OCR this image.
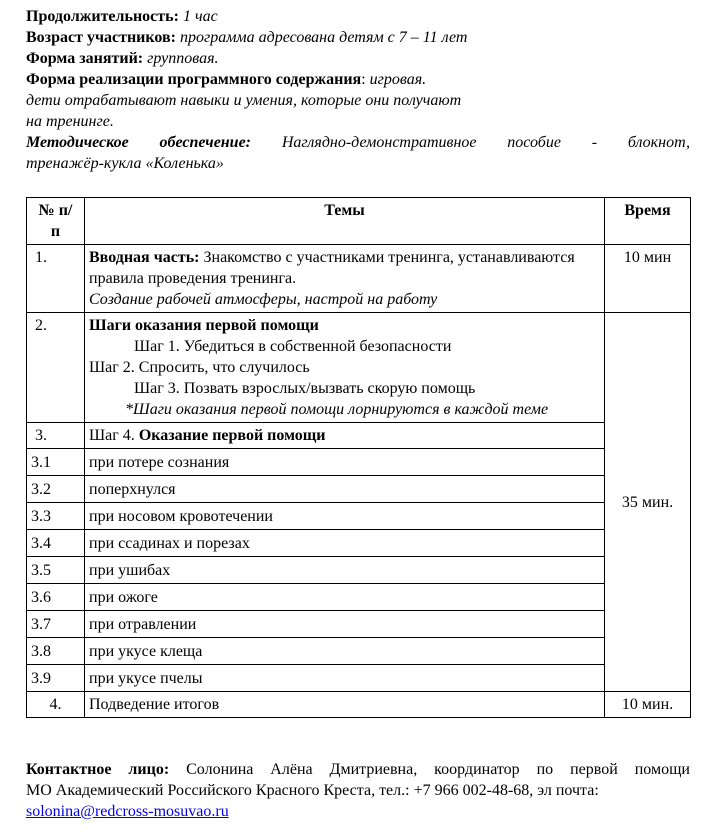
Продолжительность: 1 час

Возраст участников: программа адресована детям с 7 – 11 лет

Форма занятий: групповая.

Форма реализации программного содержания: игровая.

дети отрабатывают навыки и умения, которые они получают

на тренинге.

Методическое обеспечение: Наглядно-демонстративное пособие - блокнот,

тренажёр-кукла «Коленька»

№ п/п	Темы	Время
1.	Вводная часть: Знакомство с участниками тренинга, устанавливаются правила проведения тренинга.
Создание рабочей атмосферы, настрой на работу	10 мин
2.	Шаги оказания первой помощи
Шаг 1. Убедиться в собственной безопасности
Шаг 2. Спросить, что случилось
Шаг 3. Позвать взрослых/вызвать скорую помощь
*Шаги оказания первой помощи лорнируются в каждой теме	35 мин.
3.	Шаг 4. Оказание первой помощи	
3.1	при потере сознания	
3.2	поперхнулся	
3.3	при носовом кровотечении	
3.4	при ссадинах и порезах	
3.5	при ушибах	
3.6	при ожоге	
3.7	при отравлении	
3.8	при укусе клеща	
3.9	при укусе пчелы	
4.	Подведение итогов	10 мин.

Контактное лицо: Солонина Алёна Дмитриевна, координатор по первой помощи

МО Академический Российского Красного Креста, тел.: +7 966 002-48-68, эл почта:

solonina@redcross-mosuvao.ru
